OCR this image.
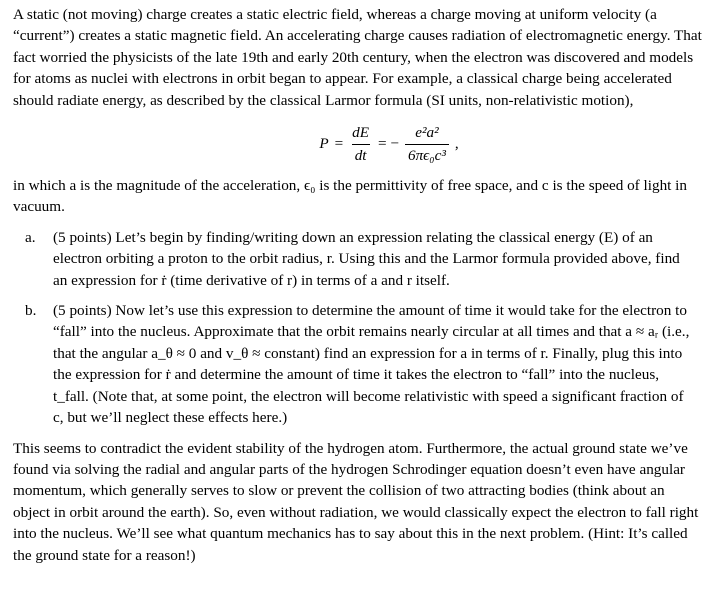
A static (not moving) charge creates a static electric field, whereas a charge moving at uniform velocity (a “current”) creates a static magnetic field. An accelerating charge causes radiation of electromagnetic energy. That fact worried the physicists of the late 19th and early 20th century, when the electron was discovered and models for atoms as nuclei with electrons in orbit began to appear. For example, a classical charge being accelerated should radiate energy, as described by the classical Larmor formula (SI units, non-relativistic motion),

$P = \frac{dE}{dt}$ = − $\frac{\text{e²a²}}{\text{6πϵ₀c³}}$ ,

in which a is the magnitude of the acceleration, ϵ₀ is the permittivity of free space, and c is the speed of light in vacuum.

a.	(5 points) Let’s begin by finding/writing down an expression relating the classical energy (E) of an electron orbiting a proton to the orbit radius, r. Using this and the Larmor formula provided above, find an expression for ṙ (time derivative of r) in terms of a and r itself.
b.	(5 points) Now let’s use this expression to determine the amount of time it would take for the electron to “fall” into the nucleus. Approximate that the orbit remains nearly circular at all times and that a ≈ aᵣ (i.e., that the angular a_θ ≈ 0 and v_θ ≈ constant) find an expression for a in terms of r. Finally, plug this into the expression for ṙ and determine the amount of time it takes the electron to “fall” into the nucleus, t_fall. (Note that, at some point, the electron will become relativistic with speed a significant fraction of c, but we’ll neglect these effects here.)

This seems to contradict the evident stability of the hydrogen atom. Furthermore, the actual ground state we’ve found via solving the radial and angular parts of the hydrogen Schrodinger equation doesn’t even have angular momentum, which generally serves to slow or prevent the collision of two attracting bodies (think about an object in orbit around the earth). So, even without radiation, we would classically expect the electron to fall right into the nucleus. We’ll see what quantum mechanics has to say about this in the next problem. (Hint: It’s called the ground state for a reason!)
